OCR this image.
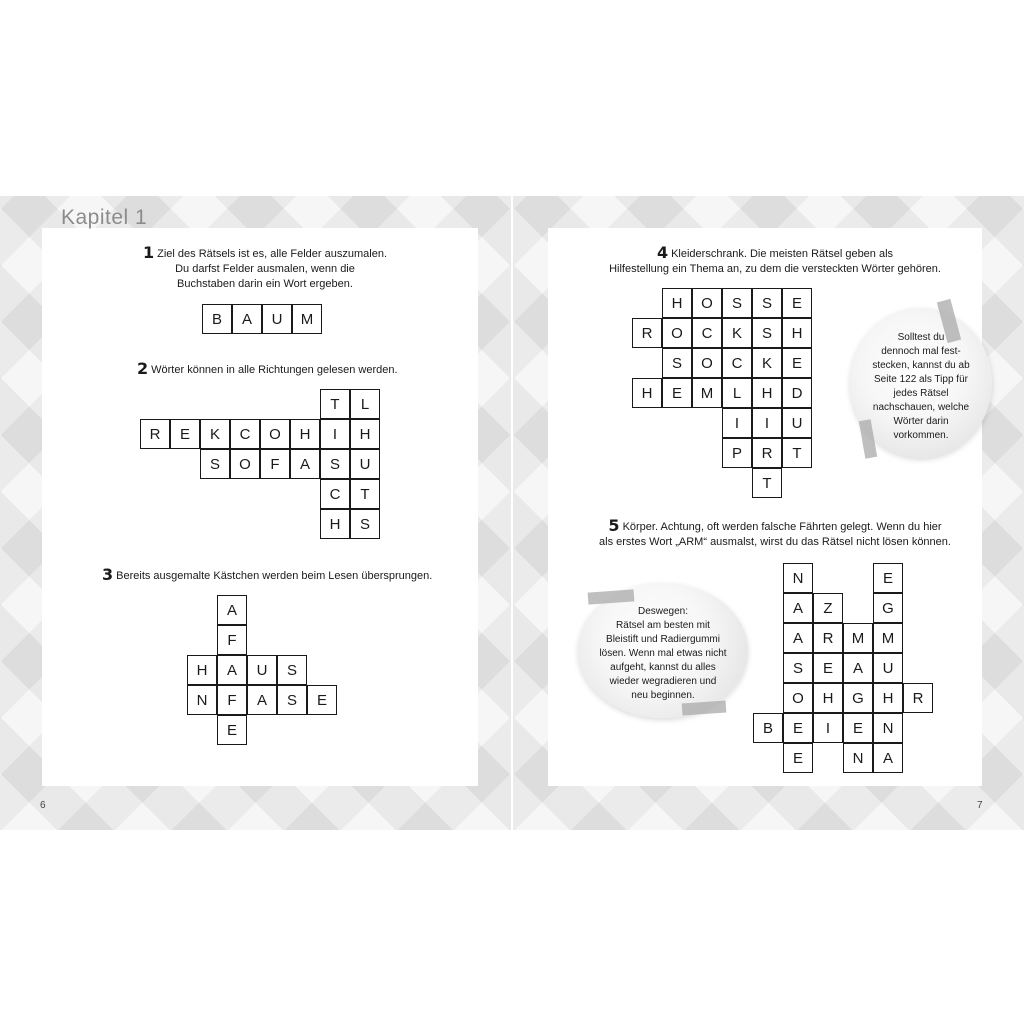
Kapitel 1
6	7
1 Ziel des Rätsels ist es, alle Felder auszumalen.
Du darfst Felder ausmalen, wenn die
Buchstaben darin ein Wort ergeben.
2 Wörter können in alle Richtungen gelesen werden.
3 Bereits ausgemalte Kästchen werden beim Lesen übersprungen.
4 Kleiderschrank. Die meisten Rätsel geben als
Hilfestellung ein Thema an, zu dem die versteckten Wörter gehören.
5 Körper. Achtung, oft werden falsche Fährten gelegt. Wenn du hier
als erstes Wort „ARM“ ausmalst, wirst du das Rätsel nicht lösen können.
Solltest du
dennoch mal fest-
stecken, kannst du ab
Seite 122 als Tipp für
jedes Rätsel
nachschauen, welche
Wörter darin
vorkommen.
Deswegen:
Rätsel am besten mit
Bleistift und Radiergummi
lösen. Wenn mal etwas nicht
aufgeht, kannst du alles
wieder wegradieren und
neu beginnen.
B	A	U	M
T	L
R	E	K	C	O	H	I	H
S	O	F	A	S	U
C	T
H	S
A
F
H	A	U	S
N	F	A	S	E
E
H	O	S	S	E
R	O	C	K	S	H
S	O	C	K	E
H	E	M	L	H	D
I	I	U
P	R	T
T
N	E
A	Z	G
A	R	M	M
S	E	A	U
O	H	G	H	R
B	E	I	E	N
E	N	A
